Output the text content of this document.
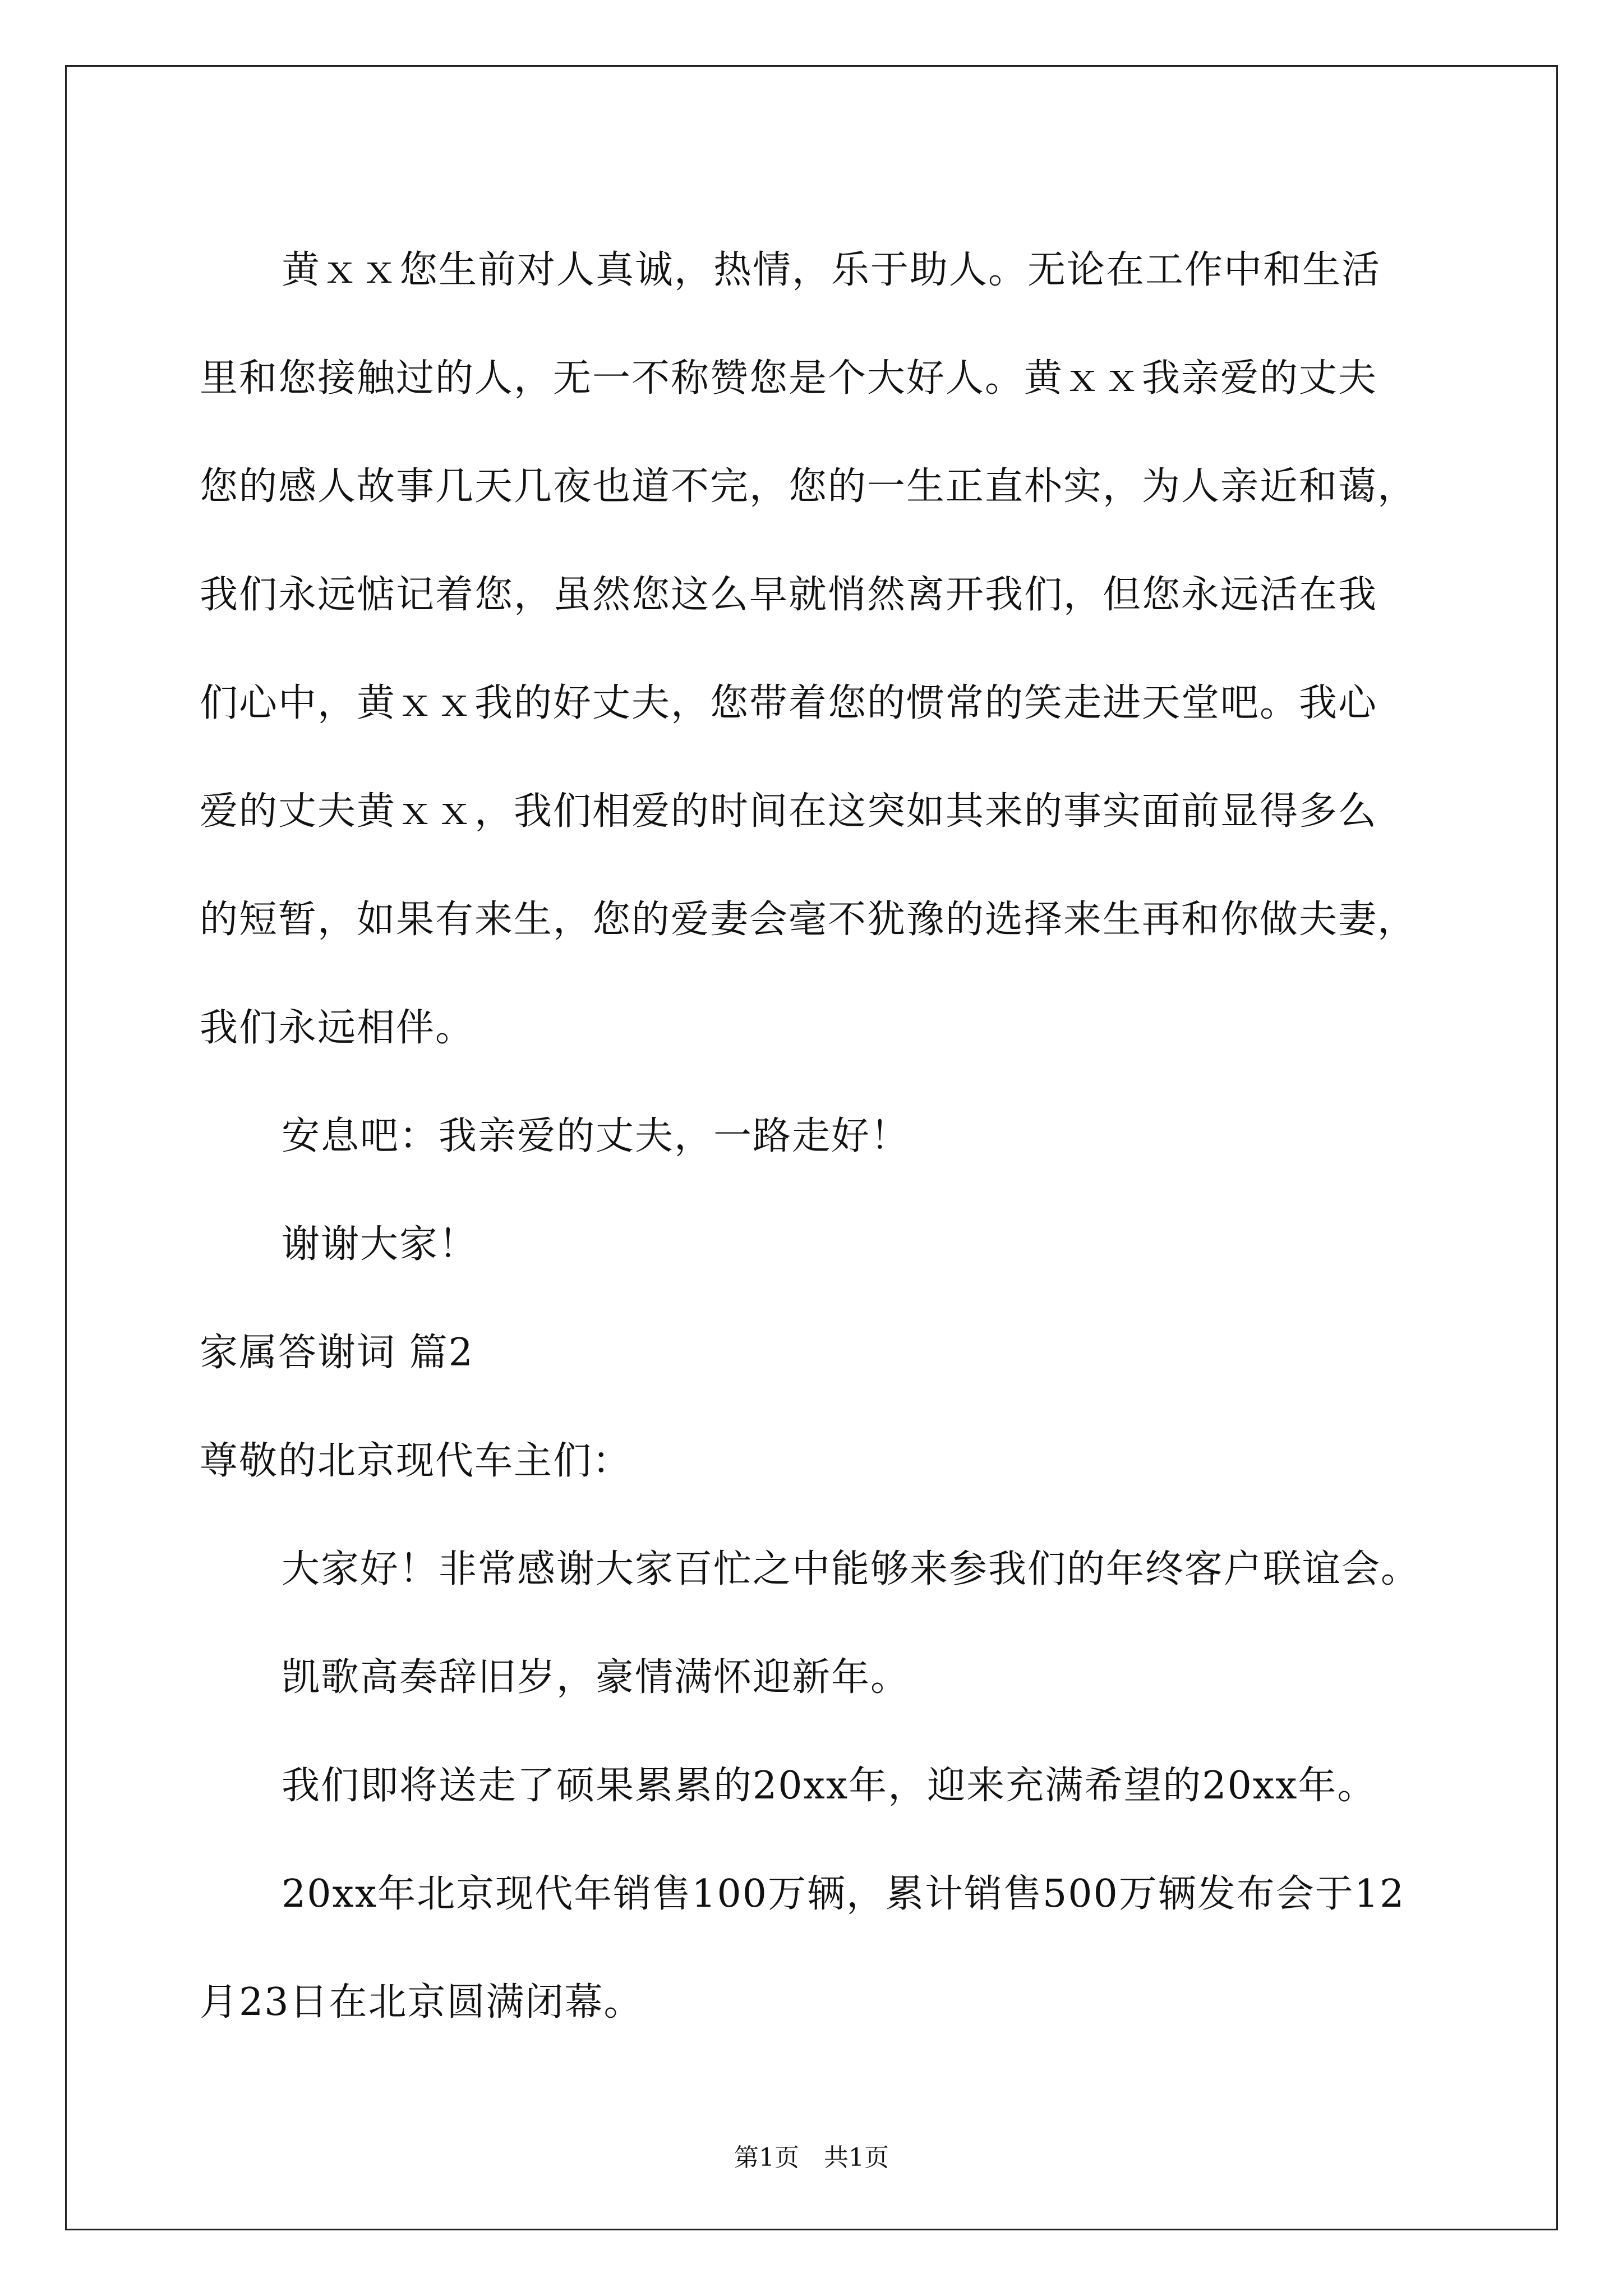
黄ｘｘ您生前对人真诚，热情，乐于助人。无论在工作中和生活

里和您接触过的人，无一不称赞您是个大好人。黄ｘｘ我亲爱的丈夫

您的感人故事几天几夜也道不完，您的一生正直朴实，为人亲近和蔼，

我们永远惦记着您，虽然您这么早就悄然离开我们，但您永远活在我

们心中，黄ｘｘ我的好丈夫，您带着您的惯常的笑走进天堂吧。我心

爱的丈夫黄ｘｘ，我们相爱的时间在这突如其来的事实面前显得多么

的短暂，如果有来生，您的爱妻会毫不犹豫的选择来生再和你做夫妻，

我们永远相伴。

安息吧：我亲爱的丈夫，一路走好！

谢谢大家！

家属答谢词 篇2

尊敬的北京现代车主们：

大家好！非常感谢大家百忙之中能够来参我们的年终客户联谊会。

凯歌高奏辞旧岁，豪情满怀迎新年。

我们即将送走了硕果累累的20xx年，迎来充满希望的20xx年。

20xx年北京现代年销售100万辆，累计销售500万辆发布会于12

月23日在北京圆满闭幕。

第1页　共1页
